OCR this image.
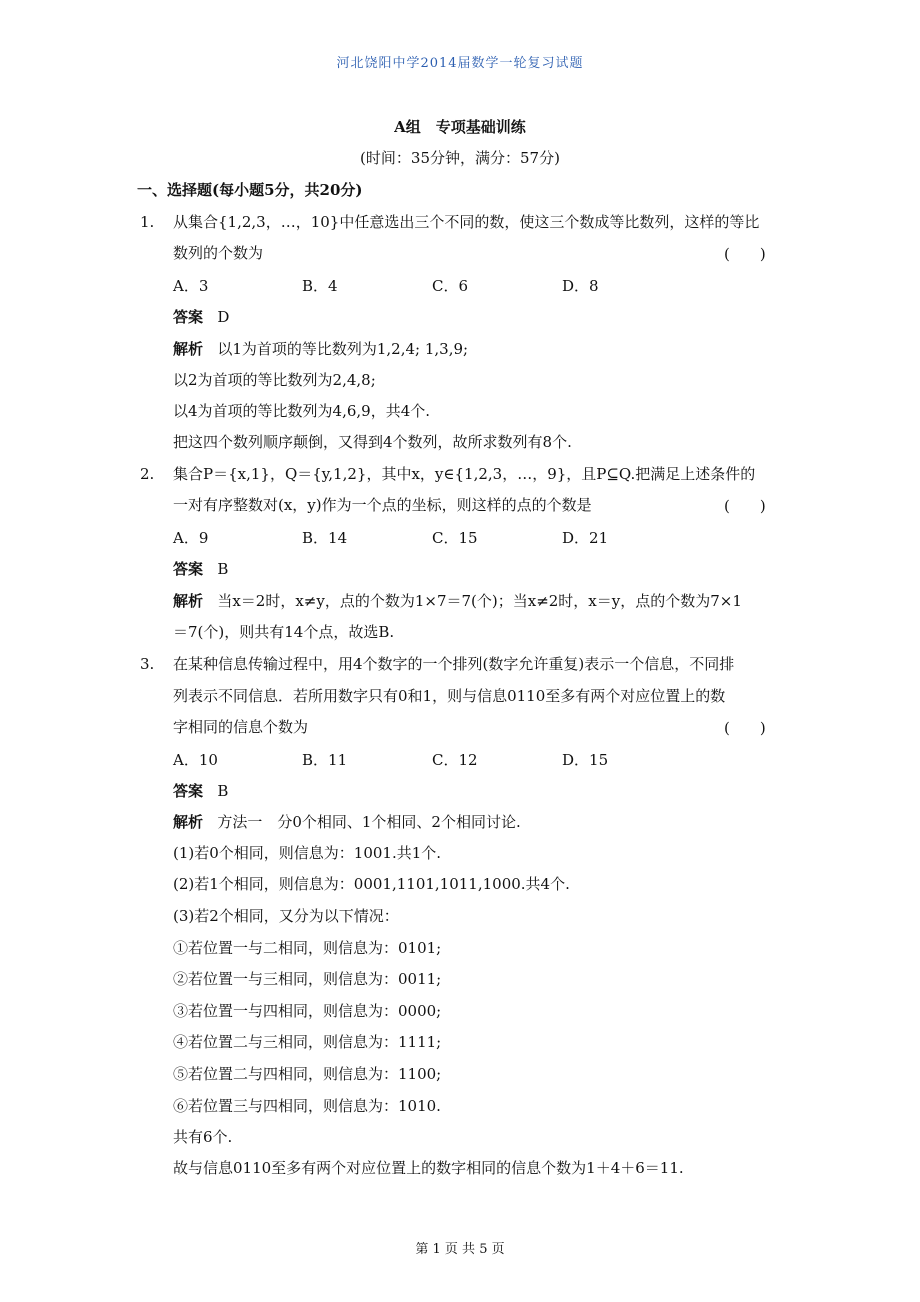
河北饶阳中学2014届数学一轮复习试题
A组　专项基础训练
(时间：35分钟，满分：57分)
一、选择题(每小题5分，共20分)
1. 从集合{1,2,3，…，10}中任意选出三个不同的数，使这三个数成等比数列，这样的等比
数列的个数为	(　　)
A．3	B．4	C．6	D．8
答案 D
解析 以1为首项的等比数列为1,2,4; 1,3,9;
以2为首项的等比数列为2,4,8;
以4为首项的等比数列为4,6,9，共4个.
把这四个数列顺序颠倒，又得到4个数列，故所求数列有8个.
2. 集合P＝{x,1}，Q＝{y,1,2}，其中x，y∈{1,2,3，…，9}，且P⊆Q.把满足上述条件的
一对有序整数对(x，y)作为一个点的坐标，则这样的点的个数是	(　　)
A．9	B．14	C．15	D．21
答案 B
解析 当x＝2时，x≠y，点的个数为1×7＝7(个)；当x≠2时，x＝y，点的个数为7×1
＝7(个)，则共有14个点，故选B.
3. 在某种信息传输过程中，用4个数字的一个排列(数字允许重复)表示一个信息，不同排
列表示不同信息．若所用数字只有0和1，则与信息0110至多有两个对应位置上的数
字相同的信息个数为	(　　)
A．10	B．11	C．12	D．15
答案 B
解析 方法一　分0个相同、1个相同、2个相同讨论.
(1)若0个相同，则信息为：1001.共1个.
(2)若1个相同，则信息为：0001,1101,1011,1000.共4个.
(3)若2个相同，又分为以下情况：
①若位置一与二相同，则信息为：0101;
②若位置一与三相同，则信息为：0011;
③若位置一与四相同，则信息为：0000;
④若位置二与三相同，则信息为：1111;
⑤若位置二与四相同，则信息为：1100;
⑥若位置三与四相同，则信息为：1010.
共有6个.
故与信息0110至多有两个对应位置上的数字相同的信息个数为1＋4＋6＝11.
第 1 页 共 5 页
